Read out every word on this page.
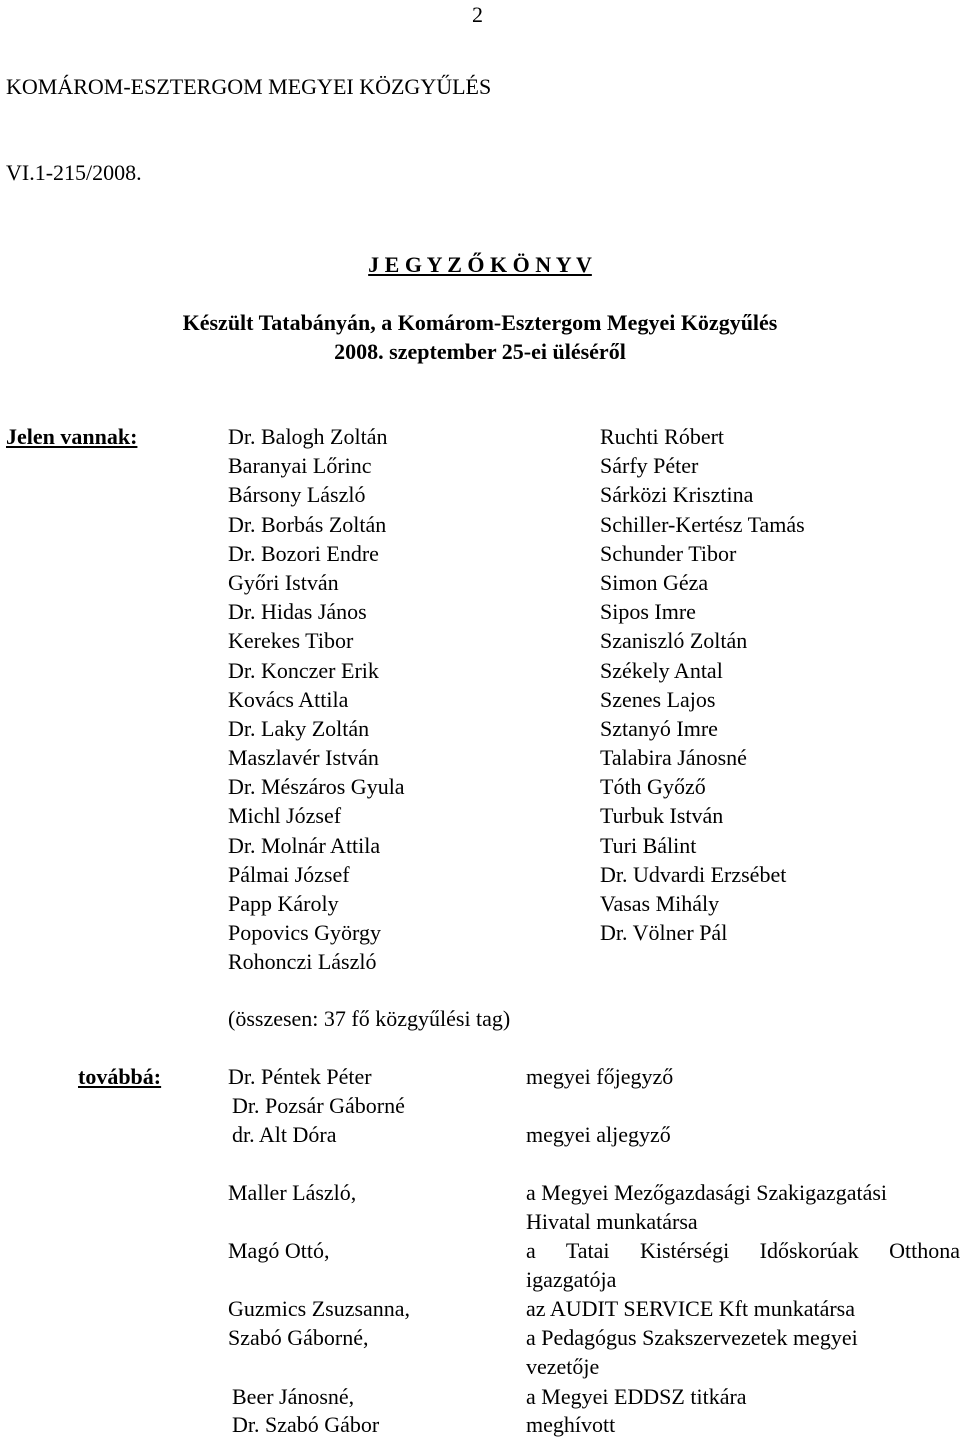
2
KOMÁROM-ESZTERGOM MEGYEI KÖZGYŰLÉS
VI.1-215/2008.
J E G Y Z Ő K Ö N Y V
Készült Tatabányán, a Komárom-Esztergom Megyei Közgyűlés
2008. szeptember 25-ei üléséről
Jelen vannak:	Dr. Balogh Zoltán
Baranyai Lőrinc
Bársony László
Dr. Borbás Zoltán
Dr. Bozori Endre
Győri István
Dr. Hidas János
Kerekes Tibor
Dr. Konczer Erik
Kovács Attila
Dr. Laky Zoltán
Maszlavér István
Dr. Mészáros Gyula
Michl József
Dr. Molnár Attila
Pálmai József
Papp Károly
Popovics György
Rohonczi László
Ruchti Róbert
Sárfy Péter
Sárközi Krisztina
Schiller-Kertész Tamás
Schunder Tibor
Simon Géza
Sipos Imre
Szaniszló Zoltán
Székely Antal
Szenes Lajos
Sztanyó Imre
Talabira Jánosné
Tóth Győző
Turbuk István
Turi Bálint
Dr. Udvardi Erzsébet
Vasas Mihály
Dr. Völner Pál
(összesen: 37 fő közgyűlési tag)
továbbá:	Dr. Péntek Péter	megyei főjegyző
Dr. Pozsár Gáborné
dr. Alt Dóra	megyei aljegyző
Maller László,	a Megyei Mezőgazdasági Szakigazgatási
Hivatal munkatársa
Magó Ottó,	a Tatai Kistérségi Időskorúak Otthona
igazgatója
Guzmics Zsuzsanna,	az AUDIT SERVICE Kft munkatársa
Szabó Gáborné,	a Pedagógus Szakszervezetek megyei
vezetője
Beer Jánosné,	a Megyei EDDSZ titkára
Dr. Szabó Gábor	meghívott
